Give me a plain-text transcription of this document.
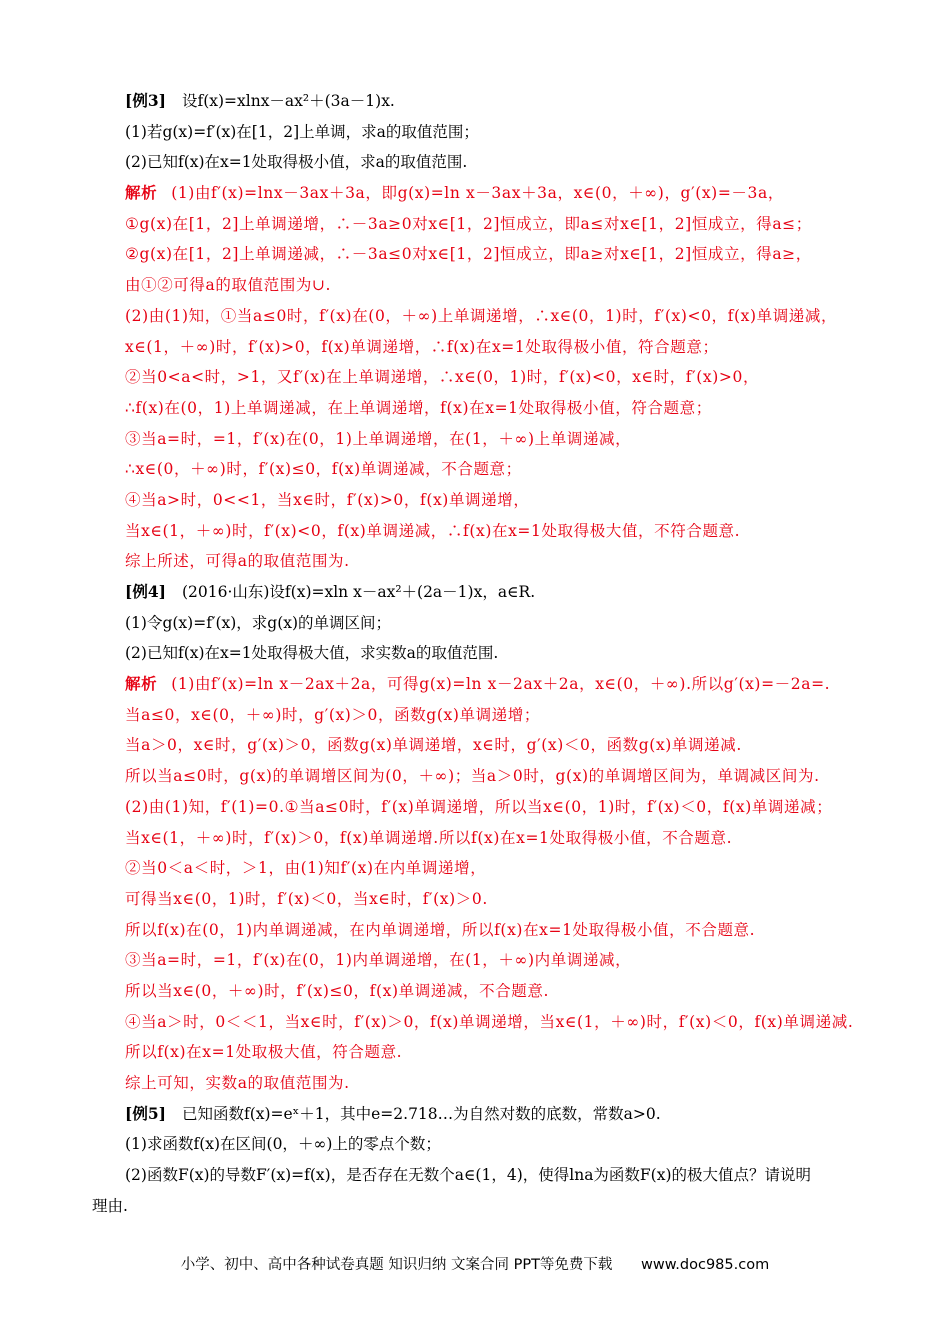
[例3] 设f(x)=xlnx－ax²＋(3a－1)x.
(1)若g(x)=f′(x)在[1，2]上单调，求a的取值范围；
(2)已知f(x)在x=1处取得极小值，求a的取值范围.
解析 (1)由f′(x)=lnx－3ax＋3a，即g(x)=ln x－3ax＋3a，x∈(0，＋∞)，g′(x)=－3a，
①g(x)在[1，2]上单调递增，∴－3a≥0对x∈[1，2]恒成立，即a≤对x∈[1，2]恒成立，得a≤；
②g(x)在[1，2]上单调递减，∴－3a≤0对x∈[1，2]恒成立，即a≥对x∈[1，2]恒成立，得a≥，
由①②可得a的取值范围为∪.
(2)由(1)知，①当a≤0时，f′(x)在(0，＋∞)上单调递增，∴x∈(0，1)时，f′(x)<0，f(x)单调递减，
x∈(1，＋∞)时，f′(x)>0，f(x)单调递增，∴f(x)在x=1处取得极小值，符合题意；
②当0<a<时，>1，又f′(x)在上单调递增，∴x∈(0，1)时，f′(x)<0，x∈时，f′(x)>0，
∴f(x)在(0，1)上单调递减，在上单调递增，f(x)在x=1处取得极小值，符合题意；
③当a=时，=1，f′(x)在(0，1)上单调递增，在(1，＋∞)上单调递减，
∴x∈(0，＋∞)时，f′(x)≤0，f(x)单调递减，不合题意；
④当a>时，0<<1，当x∈时，f′(x)>0，f(x)单调递增，
当x∈(1，＋∞)时，f′(x)<0，f(x)单调递减，∴f(x)在x=1处取得极大值，不符合题意.
综上所述，可得a的取值范围为.
[例4] (2016·山东)设f(x)=xln x－ax²＋(2a－1)x，a∈R.
(1)令g(x)=f′(x)，求g(x)的单调区间；
(2)已知f(x)在x=1处取得极大值，求实数a的取值范围.
解析 (1)由f′(x)=ln x－2ax＋2a，可得g(x)=ln x－2ax＋2a，x∈(0，＋∞).所以g′(x)=－2a=.
当a≤0，x∈(0，＋∞)时，g′(x)＞0，函数g(x)单调递增；
当a＞0，x∈时，g′(x)＞0，函数g(x)单调递增，x∈时，g′(x)＜0，函数g(x)单调递减.
所以当a≤0时，g(x)的单调增区间为(0，＋∞)；当a＞0时，g(x)的单调增区间为，单调减区间为.
(2)由(1)知，f′(1)=0.①当a≤0时，f′(x)单调递增，所以当x∈(0，1)时，f′(x)＜0，f(x)单调递减；
当x∈(1，＋∞)时，f′(x)＞0，f(x)单调递增.所以f(x)在x=1处取得极小值，不合题意.
②当0＜a＜时，＞1，由(1)知f′(x)在内单调递增，
可得当x∈(0，1)时，f′(x)＜0，当x∈时，f′(x)＞0.
所以f(x)在(0，1)内单调递减，在内单调递增，所以f(x)在x=1处取得极小值，不合题意.
③当a=时，=1，f′(x)在(0，1)内单调递增，在(1，＋∞)内单调递减，
所以当x∈(0，＋∞)时，f′(x)≤0，f(x)单调递减，不合题意.
④当a＞时，0＜＜1，当x∈时，f′(x)＞0，f(x)单调递增，当x∈(1，＋∞)时，f′(x)＜0，f(x)单调递减.
所以f(x)在x=1处取极大值，符合题意.
综上可知，实数a的取值范围为.
[例5] 已知函数f(x)=eˣ＋1，其中e=2.718…为自然对数的底数，常数a>0.
(1)求函数f(x)在区间(0，＋∞)上的零点个数；
(2)函数F(x)的导数F′(x)=f(x)，是否存在无数个a∈(1，4)，使得lna为函数F(x)的极大值点？请说明
理由.
小学、初中、高中各种试卷真题 知识归纳 文案合同 PPT等免费下载 www.doc985.com
